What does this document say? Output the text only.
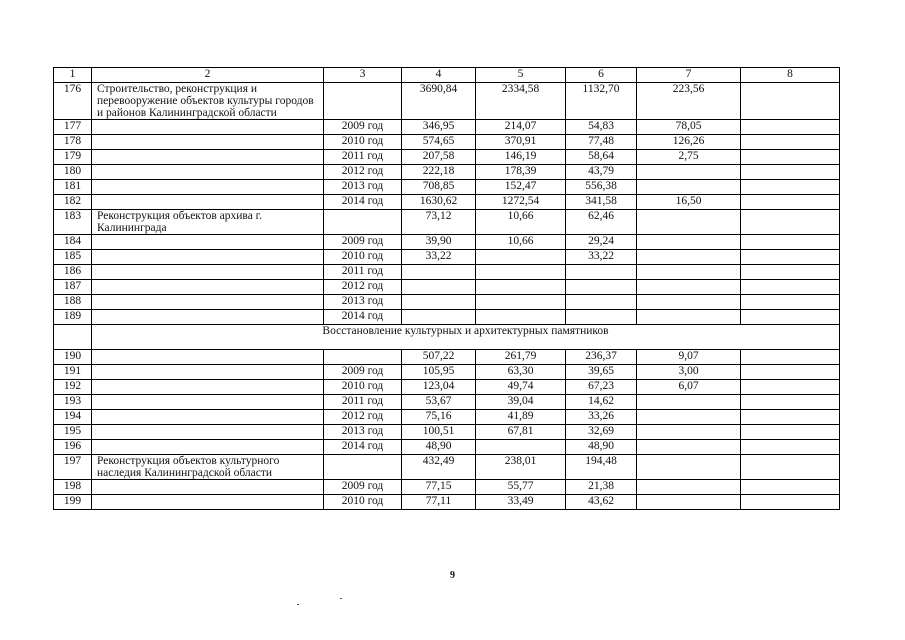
1	2	3	4	5	6	7	8
176	Строительство, реконструкция и перевооружение объектов культуры городов и районов Калининградской области		3690,84	2334,58	1132,70	223,56	
177		2009 год	346,95	214,07	54,83	78,05	
178		2010 год	574,65	370,91	77,48	126,26	
179		2011 год	207,58	146,19	58,64	2,75	
180		2012 год	222,18	178,39	43,79		
181		2013 год	708,85	152,47	556,38		
182		2014 год	1630,62	1272,54	341,58	16,50	
183	Реконструкция объектов архива г. Калининграда		73,12	10,66	62,46		
184		2009 год	39,90	10,66	29,24		
185		2010 год	33,22		33,22		
186		2011 год					
187		2012 год					
188		2013 год					
189		2014 год					
	Восстановление культурных и архитектурных памятников						
190			507,22	261,79	236,37	9,07	
191		2009 год	105,95	63,30	39,65	3,00	
192		2010 год	123,04	49,74	67,23	6,07	
193		2011 год	53,67	39,04	14,62		
194		2012 год	75,16	41,89	33,26		
195		2013 год	100,51	67,81	32,69		
196		2014 год	48,90		48,90		
197	Реконструкция объектов культурного наследия Калининградской области		432,49	238,01	194,48		
198		2009 год	77,15	55,77	21,38		
199		2010 год	77,11	33,49	43,62		
9
